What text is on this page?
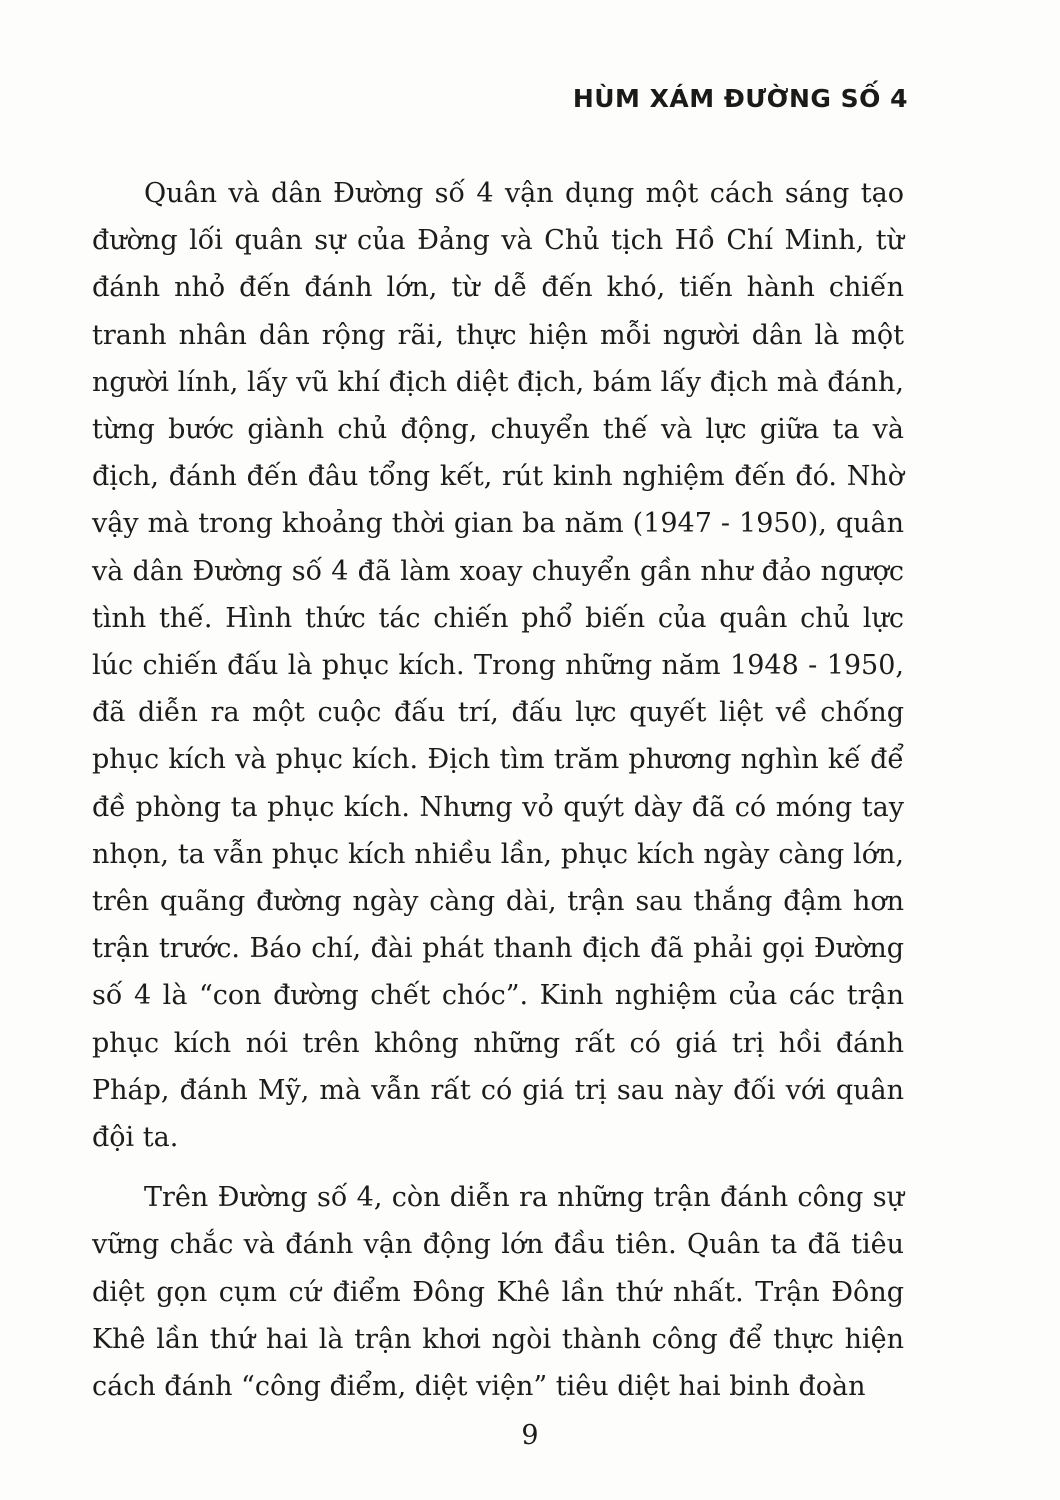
HÙM XÁM ĐƯỜNG SỐ 4

Quân và dân Đường số 4 vận dụng một cách sáng tạo đường lối quân sự của Đảng và Chủ tịch Hồ Chí Minh, từ đánh nhỏ đến đánh lớn, từ dễ đến khó, tiến hành chiến tranh nhân dân rộng rãi, thực hiện mỗi người dân là một người lính, lấy vũ khí địch diệt địch, bám lấy địch mà đánh, từng bước giành chủ động, chuyển thế và lực giữa ta và địch, đánh đến đâu tổng kết, rút kinh nghiệm đến đó. Nhờ vậy mà trong khoảng thời gian ba năm (1947 - 1950), quân và dân Đường số 4 đã làm xoay chuyển gần như đảo ngược tình thế. Hình thức tác chiến phổ biến của quân chủ lực lúc chiến đấu là phục kích. Trong những năm 1948 - 1950, đã diễn ra một cuộc đấu trí, đấu lực quyết liệt về chống phục kích và phục kích. Địch tìm trăm phương nghìn kế để đề phòng ta phục kích. Nhưng vỏ quýt dày đã có móng tay nhọn, ta vẫn phục kích nhiều lần, phục kích ngày càng lớn, trên quãng đường ngày càng dài, trận sau thắng đậm hơn trận trước. Báo chí, đài phát thanh địch đã phải gọi Đường số 4 là “con đường chết chóc”. Kinh nghiệm của các trận phục kích nói trên không những rất có giá trị hồi đánh Pháp, đánh Mỹ, mà vẫn rất có giá trị sau này đối với quân đội ta.

Trên Đường số 4, còn diễn ra những trận đánh công sự vững chắc và đánh vận động lớn đầu tiên. Quân ta đã tiêu diệt gọn cụm cứ điểm Đông Khê lần thứ nhất. Trận Đông Khê lần thứ hai là trận khơi ngòi thành công để thực hiện cách đánh “công điểm, diệt viện” tiêu diệt hai binh đoàn

9
